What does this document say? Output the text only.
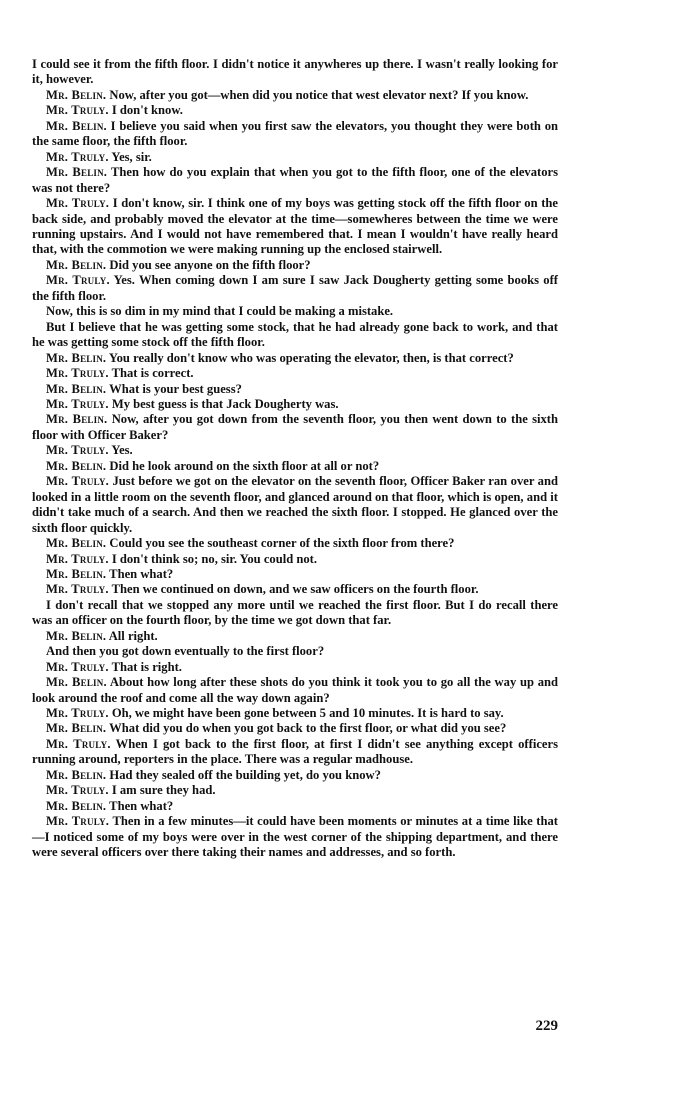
I could see it from the fifth floor. I didn't notice it anywheres up there. I wasn't really looking for it, however.

Mr. Belin. Now, after you got—when did you notice that west elevator next? If you know.

Mr. Truly. I don't know.

Mr. Belin. I believe you said when you first saw the elevators, you thought they were both on the same floor, the fifth floor.

Mr. Truly. Yes, sir.

Mr. Belin. Then how do you explain that when you got to the fifth floor, one of the elevators was not there?

Mr. Truly. I don't know, sir. I think one of my boys was getting stock off the fifth floor on the back side, and probably moved the elevator at the time—somewheres between the time we were running upstairs. And I would not have remembered that. I mean I wouldn't have really heard that, with the commotion we were making running up the enclosed stairwell.

Mr. Belin. Did you see anyone on the fifth floor?

Mr. Truly. Yes. When coming down I am sure I saw Jack Dougherty getting some books off the fifth floor.

Now, this is so dim in my mind that I could be making a mistake.

But I believe that he was getting some stock, that he had already gone back to work, and that he was getting some stock off the fifth floor.

Mr. Belin. You really don't know who was operating the elevator, then, is that correct?

Mr. Truly. That is correct.

Mr. Belin. What is your best guess?

Mr. Truly. My best guess is that Jack Dougherty was.

Mr. Belin. Now, after you got down from the seventh floor, you then went down to the sixth floor with Officer Baker?

Mr. Truly. Yes.

Mr. Belin. Did he look around on the sixth floor at all or not?

Mr. Truly. Just before we got on the elevator on the seventh floor, Officer Baker ran over and looked in a little room on the seventh floor, and glanced around on that floor, which is open, and it didn't take much of a search. And then we reached the sixth floor. I stopped. He glanced over the sixth floor quickly.

Mr. Belin. Could you see the southeast corner of the sixth floor from there?

Mr. Truly. I don't think so; no, sir. You could not.

Mr. Belin. Then what?

Mr. Truly. Then we continued on down, and we saw officers on the fourth floor.

I don't recall that we stopped any more until we reached the first floor. But I do recall there was an officer on the fourth floor, by the time we got down that far.

Mr. Belin. All right.

And then you got down eventually to the first floor?

Mr. Truly. That is right.

Mr. Belin. About how long after these shots do you think it took you to go all the way up and look around the roof and come all the way down again?

Mr. Truly. Oh, we might have been gone between 5 and 10 minutes. It is hard to say.

Mr. Belin. What did you do when you got back to the first floor, or what did you see?

Mr. Truly. When I got back to the first floor, at first I didn't see anything except officers running around, reporters in the place. There was a regular madhouse.

Mr. Belin. Had they sealed off the building yet, do you know?

Mr. Truly. I am sure they had.

Mr. Belin. Then what?

Mr. Truly. Then in a few minutes—it could have been moments or minutes at a time like that—I noticed some of my boys were over in the west corner of the shipping department, and there were several officers over there taking their names and addresses, and so forth.

229
